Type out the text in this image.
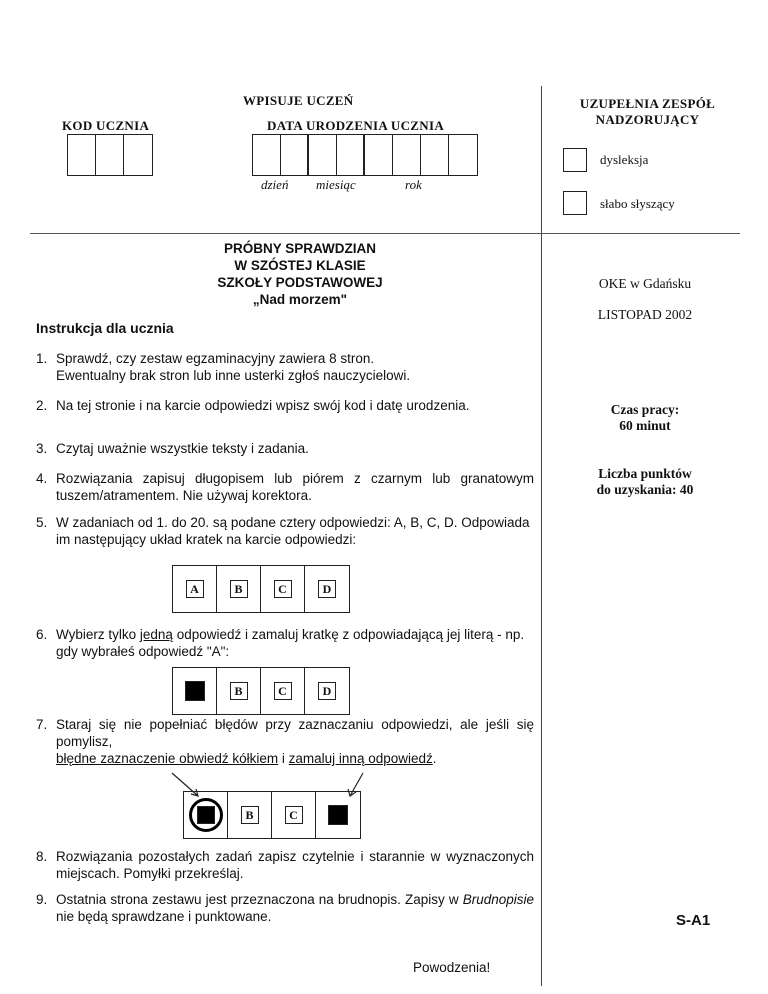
WPISUJE UCZEŃ
KOD UCZNIA	DATA URODZENIA UCZNIA
dzień miesiąc	rok
UZUPEŁNIA ZESPÓŁ
NADZORUJĄCY
dysleksja
słabo słyszący
PRÓBNY SPRAWDZIAN
W SZÓSTEJ KLASIE
SZKOŁY PODSTAWOWEJ
„Nad morzem"
Instrukcja dla ucznia
1. Sprawdź, czy zestaw egzaminacyjny zawiera 8 stron.
Ewentualny brak stron lub inne usterki zgłoś nauczycielowi.
2. Na tej stronie i na karcie odpowiedzi wpisz swój kod i datę urodzenia.
3. Czytaj uważnie wszystkie teksty i zadania.
4. Rozwiązania zapisuj długopisem lub piórem z czarnym lub granatowym tuszem/atramentem. Nie używaj korektora.
5. W zadaniach od 1. do 20. są podane cztery odpowiedzi: A, B, C, D. Odpowiada im następujący układ kratek na karcie odpowiedzi:
A	B	C	D
6. Wybierz tylko jedną odpowiedź i zamaluj kratkę z odpowiadającą jej literą - np. gdy wybrałeś odpowiedź "A":
B	C	D
7. Staraj się nie popełniać błędów przy zaznaczaniu odpowiedzi, ale jeśli się pomylisz,
błędne zaznaczenie obwiedź kółkiem i zamaluj inną odpowiedź.
B	C
8. Rozwiązania pozostałych zadań zapisz czytelnie i starannie w wyznaczonych miejscach. Pomyłki przekreślaj.
9. Ostatnia strona zestawu jest przeznaczona na brudnopis. Zapisy w Brudnopisie nie będą sprawdzane i punktowane.
Powodzenia!
OKE w Gdańsku
LISTOPAD 2002
Czas pracy:
60 minut
Liczba punktów
do uzyskania: 40
S-A1
